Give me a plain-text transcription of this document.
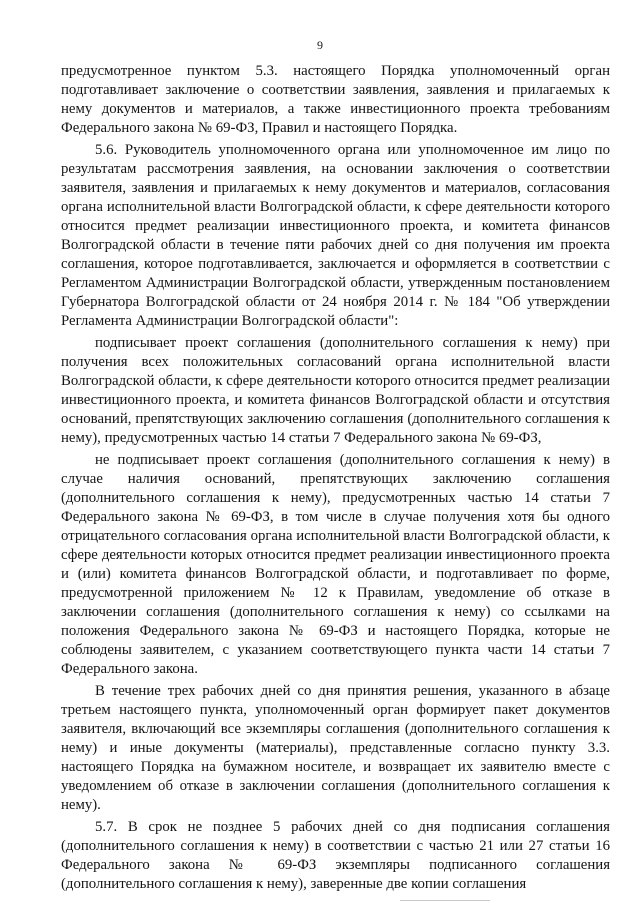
9

предусмотренное пунктом 5.3. настоящего Порядка уполномоченный орган подготавливает заключение о соответствии заявления, заявления и прилагаемых к нему документов и материалов, а также инвестиционного проекта требованиям Федерального закона № 69-ФЗ, Правил и настоящего Порядка.

5.6. Руководитель уполномоченного органа или уполномоченное им лицо по результатам рассмотрения заявления, на основании заключения о соответствии заявителя, заявления и прилагаемых к нему документов и материалов, согласования органа исполнительной власти Волгоградской области, к сфере деятельности которого относится предмет реализации инвестиционного проекта, и комитета финансов Волгоградской области в течение пяти рабочих дней со дня получения им проекта соглашения, которое подготавливается, заключается и оформляется в соответствии с Регламентом Администрации Волгоградской области, утвержденным постановлением Губернатора Волгоградской области от 24 ноября 2014 г. № 184 "Об утверждении Регламента Администрации Волгоградской области":

подписывает проект соглашения (дополнительного соглашения к нему) при получения всех положительных согласований органа исполнительной власти Волгоградской области, к сфере деятельности которого относится предмет реализации инвестиционного проекта, и комитета финансов Волгоградской области и отсутствия оснований, препятствующих заключению соглашения (дополнительного соглашения к нему), предусмотренных частью 14 статьи 7 Федерального закона № 69-ФЗ,

не подписывает проект соглашения (дополнительного соглашения к нему) в случае наличия оснований, препятствующих заключению соглашения (дополнительного соглашения к нему), предусмотренных частью 14 статьи 7 Федерального закона № 69-ФЗ, в том числе в случае получения хотя бы одного отрицательного согласования органа исполнительной власти Волгоградской области, к сфере деятельности которых относится предмет реализации инвестиционного проекта и (или) комитета финансов Волгоградской области, и подготавливает по форме, предусмотренной приложением № 12 к Правилам, уведомление об отказе в заключении соглашения (дополнительного соглашения к нему) со ссылками на положения Федерального закона № 69-ФЗ и настоящего Порядка, которые не соблюдены заявителем, с указанием соответствующего пункта части 14 статьи 7 Федерального закона.

В течение трех рабочих дней со дня принятия решения, указанного в абзаце третьем настоящего пункта, уполномоченный орган формирует пакет документов заявителя, включающий все экземпляры соглашения (дополнительного соглашения к нему) и иные документы (материалы), представленные согласно пункту 3.3. настоящего Порядка на бумажном носителе, и возвращает их заявителю вместе с уведомлением об отказе в заключении соглашения (дополнительного соглашения к нему).

5.7. В срок не позднее 5 рабочих дней со дня подписания соглашения (дополнительного соглашения к нему) в соответствии с частью 21 или 27 статьи 16 Федерального закона № 69-ФЗ экземпляры подписанного соглашения (дополнительного соглашения к нему), заверенные две копии соглашения
